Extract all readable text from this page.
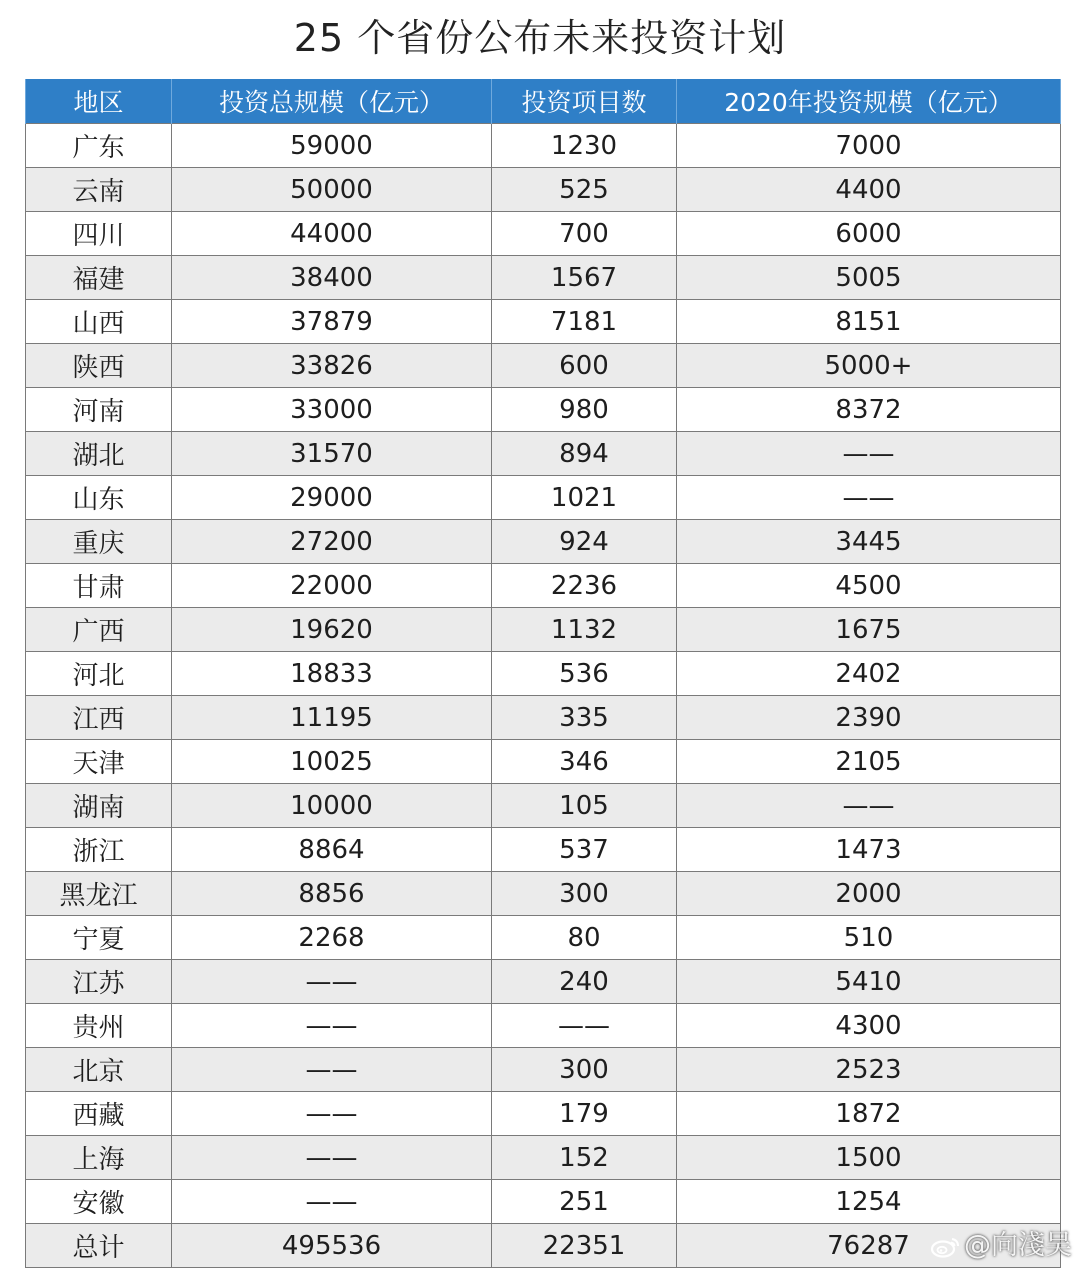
25 个省份公布未来投资计划
地区	投资总规模（亿元）	投资项目数	2020年投资规模（亿元）
广东	59000	1230	7000
云南	50000	525	4400
四川	44000	700	6000
福建	38400	1567	5005
山西	37879	7181	8151
陕西	33826	600	5000+
河南	33000	980	8372
湖北	31570	894	——
山东	29000	1021	——
重庆	27200	924	3445
甘肃	22000	2236	4500
广西	19620	1132	1675
河北	18833	536	2402
江西	11195	335	2390
天津	10025	346	2105
湖南	10000	105	——
浙江	8864	537	1473
黑龙江	8856	300	2000
宁夏	2268	80	510
江苏	——	240	5410
贵州	——	——	4300
北京	——	300	2523
西藏	——	179	1872
上海	——	152	1500
安徽	——	251	1254
总计	495536	22351	76287	@向淺吴
